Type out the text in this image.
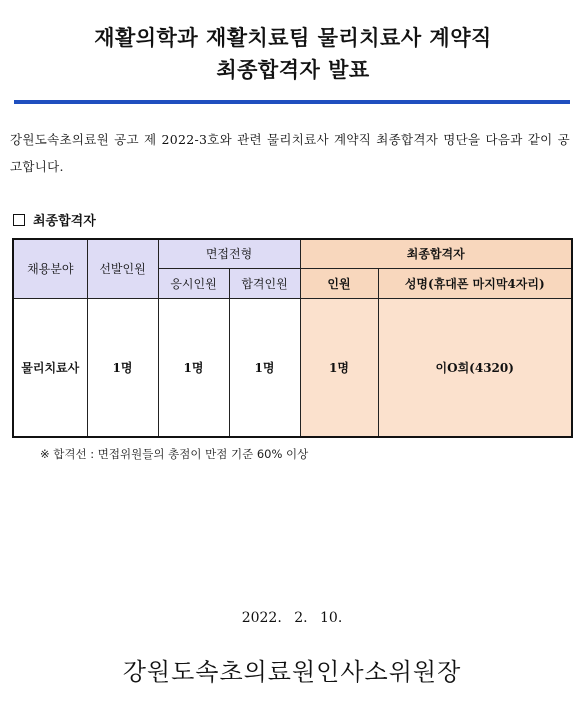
재활의학과 재활치료팀 물리치료사 계약직
최종합격자 발표
강원도속초의료원 공고 제 2022-3호와 관련 물리치료사 계약직 최종합격자 명단을 다음과 같이 공고합니다.
최종합격자
채용분야	선발인원	면접전형		최종합격자	
		응시인원	합격인원	인원	성명(휴대폰 마지막4자리)
물리치료사	1명	1명	1명	1명	이O희(4320)
※ 합격선 : 면접위원들의 총점이 만점 기준 60% 이상
2022. 2. 10.
강원도속초의료원인사소위원장
